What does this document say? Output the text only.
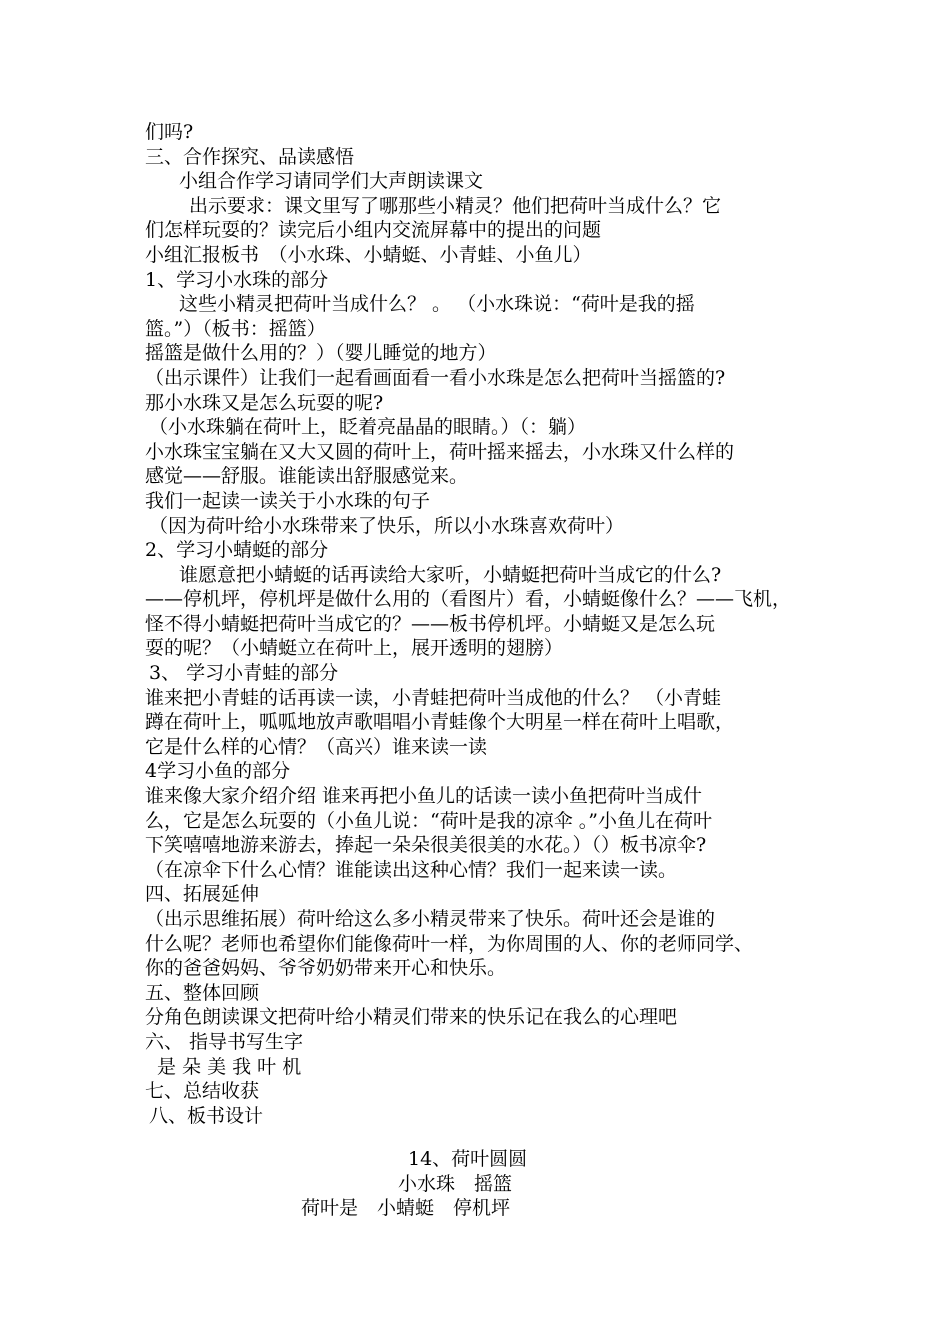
们吗?
三、合作探究、品读感悟
小组合作学习请同学们大声朗读课文
出示要求：课文里写了哪那些小精灵？他们把荷叶当成什么？它
们怎样玩耍的？读完后小组内交流屏幕中的提出的问题
小组汇报板书　（小水珠、小蜻蜓、小青蛙、小鱼儿）
1、学习小水珠的部分
这些小精灵把荷叶当成什么？ 。 （小水珠说：“荷叶是我的摇
篮。”）（板书：摇篮）
摇篮是做什么用的？）（婴儿睡觉的地方）
（出示课件）让我们一起看画面看一看小水珠是怎么把荷叶当摇篮的?
那小水珠又是怎么玩耍的呢?
（小水珠躺在荷叶上，眨着亮晶晶的眼睛。）（：躺）
小水珠宝宝躺在又大又圆的荷叶上，荷叶摇来摇去，小水珠又什么样的
感觉——舒服。谁能读出舒服感觉来。
我们一起读一读关于小水珠的句子
（因为荷叶给小水珠带来了快乐，所以小水珠喜欢荷叶）
2、学习小蜻蜓的部分
谁愿意把小蜻蜓的话再读给大家听，小蜻蜓把荷叶当成它的什么?
——停机坪，停机坪是做什么用的（看图片）看，小蜻蜓像什么？——飞机，
怪不得小蜻蜓把荷叶当成它的？——板书停机坪。小蜻蜓又是怎么玩
耍的呢？（小蜻蜓立在荷叶上，展开透明的翅膀）
3、 学习小青蛙的部分
谁来把小青蛙的话再读一读，小青蛙把荷叶当成他的什么？ （小青蛙
蹲在荷叶上，呱呱地放声歌唱唱小青蛙像个大明星一样在荷叶上唱歌，
它是什么样的心情？（高兴）谁来读一读
4学习小鱼的部分
谁来像大家介绍介绍 谁来再把小鱼儿的话读一读小鱼把荷叶当成什
么，它是怎么玩耍的（小鱼儿说：“荷叶是我的凉伞 。”小鱼儿在荷叶
下笑嘻嘻地游来游去，捧起一朵朵很美很美的水花。）（）板书凉伞?
（在凉伞下什么心情？谁能读出这种心情？我们一起来读一读。
四、拓展延伸
（出示思维拓展）荷叶给这么多小精灵带来了快乐。荷叶还会是谁的
什么呢？老师也希望你们能像荷叶一样，为你周围的人、你的老师同学、
你的爸爸妈妈、爷爷奶奶带来开心和快乐。
五、整体回顾
分角色朗读课文把荷叶给小精灵们带来的快乐记在我么的心理吧
六、 指导书写生字
是 朵 美 我 叶 机
七、总结收获
八、板书设计
14、荷叶圆圆
小水珠　摇篮
荷叶是　小蜻蜓　停机坪
